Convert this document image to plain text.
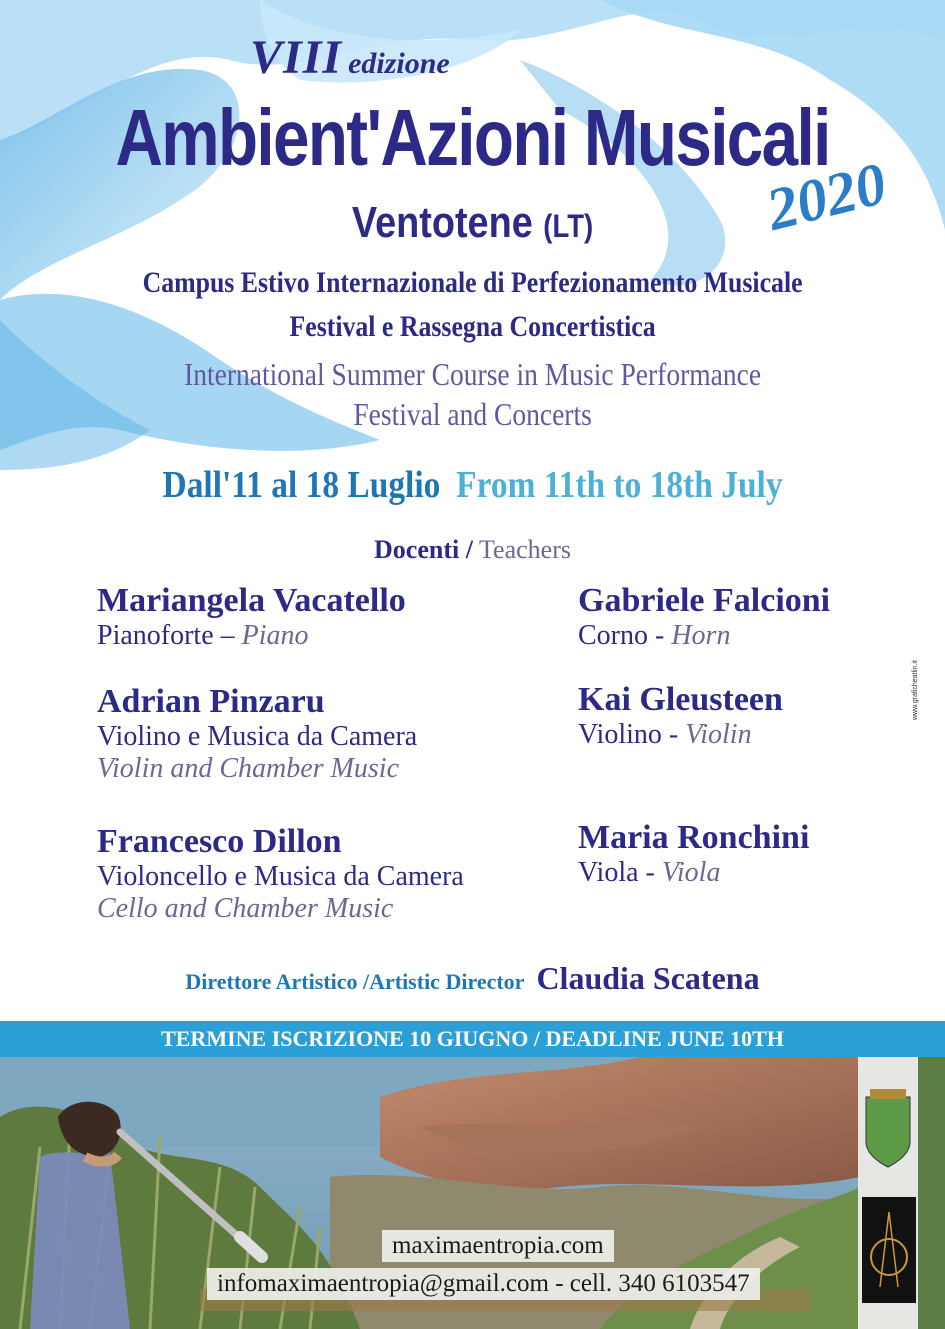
VIII edizione
Ambient'Azioni Musicali
Ventotene (LT)	2020
Campus Estivo Internazionale di Perfezionamento Musicale
Festival e Rassegna Concertistica
International Summer Course in Music Performance
Festival and Concerts
Dall'11 al 18 Luglio From 11th to 18th July
Docenti / Teachers
Mariangela Vacatello
Pianoforte – Piano
Adrian Pinzaru
Violino e Musica da Camera
Violin and Chamber Music
Francesco Dillon
Violoncello e Musica da Camera
Cello and Chamber Music
Gabriele Falcioni
Corno - Horn
Kai Gleusteen
Violino - Violin
Maria Ronchini
Viola - Viola
Direttore Artistico /Artistic Director Claudia Scatena
www.graficheatlin.it
TERMINE ISCRIZIONE 10 GIUGNO / DEADLINE JUNE 10TH
maximaentropia.com
infomaximaentropia@gmail.com - cell. 340 6103547
